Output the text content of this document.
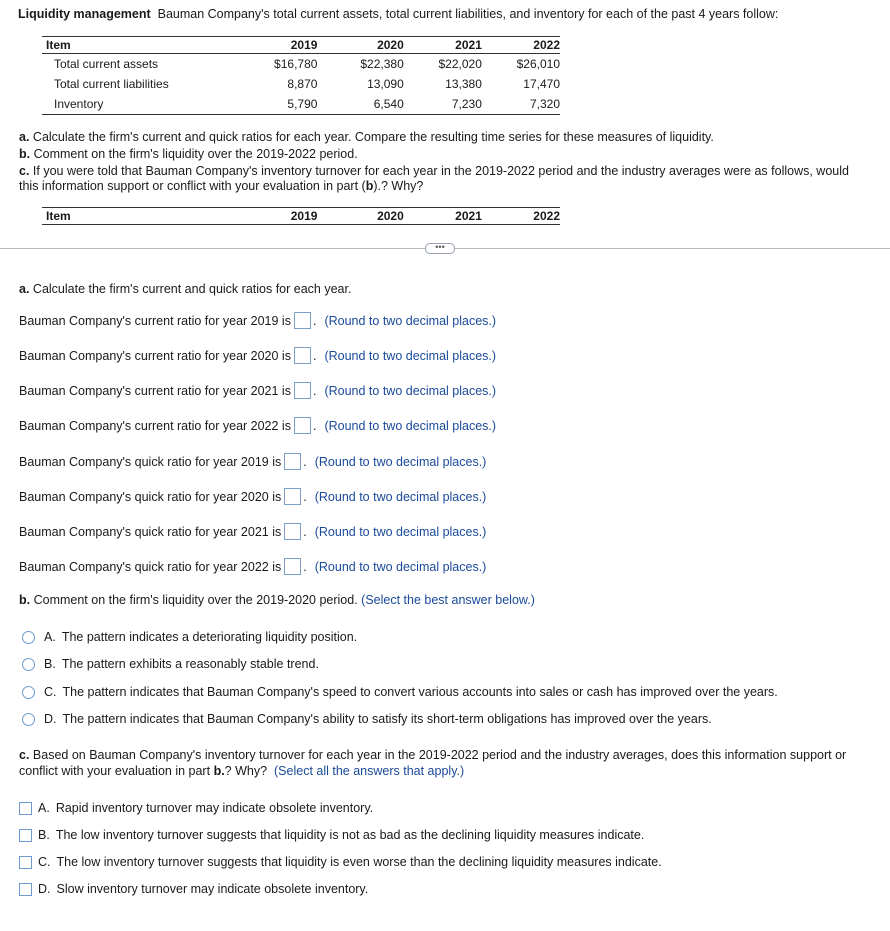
Liquidity management Bauman Company's total current assets, total current liabilities, and inventory for each of the past 4 years follow:
Item	2019	2020	2021	2022
Total current assets	$16,780	$22,380	$22,020	$26,010
Total current liabilities	8,870	13,090	13,380	17,470
Inventory	5,790	6,540	7,230	7,320
a. Calculate the firm's current and quick ratios for each year. Compare the resulting time series for these measures of liquidity.
b. Comment on the firm's liquidity over the 2019-2022 period.
c. If you were told that Bauman Company's inventory turnover for each year in the 2019-2022 period and the industry averages were as follows, would
this information support or conflict with your evaluation in part (b).? Why?
Item	2019	2020	2021	2022
•••
a. Calculate the firm's current and quick ratios for each year.
Bauman Company's current ratio for year 2019 is . (Round to two decimal places.)
Bauman Company's current ratio for year 2020 is . (Round to two decimal places.)
Bauman Company's current ratio for year 2021 is . (Round to two decimal places.)
Bauman Company's current ratio for year 2022 is . (Round to two decimal places.)
Bauman Company's quick ratio for year 2019 is . (Round to two decimal places.)
Bauman Company's quick ratio for year 2020 is . (Round to two decimal places.)
Bauman Company's quick ratio for year 2021 is . (Round to two decimal places.)
Bauman Company's quick ratio for year 2022 is . (Round to two decimal places.)
b. Comment on the firm's liquidity over the 2019-2020 period. (Select the best answer below.)
A. The pattern indicates a deteriorating liquidity position.
B. The pattern exhibits a reasonably stable trend.
C. The pattern indicates that Bauman Company's speed to convert various accounts into sales or cash has improved over the years.
D. The pattern indicates that Bauman Company's ability to satisfy its short-term obligations has improved over the years.
c. Based on Bauman Company's inventory turnover for each year in the 2019-2022 period and the industry averages, does this information support or
conflict with your evaluation in part b.? Why? (Select all the answers that apply.)
A. Rapid inventory turnover may indicate obsolete inventory.
B. The low inventory turnover suggests that liquidity is not as bad as the declining liquidity measures indicate.
C. The low inventory turnover suggests that liquidity is even worse than the declining liquidity measures indicate.
D. Slow inventory turnover may indicate obsolete inventory.
